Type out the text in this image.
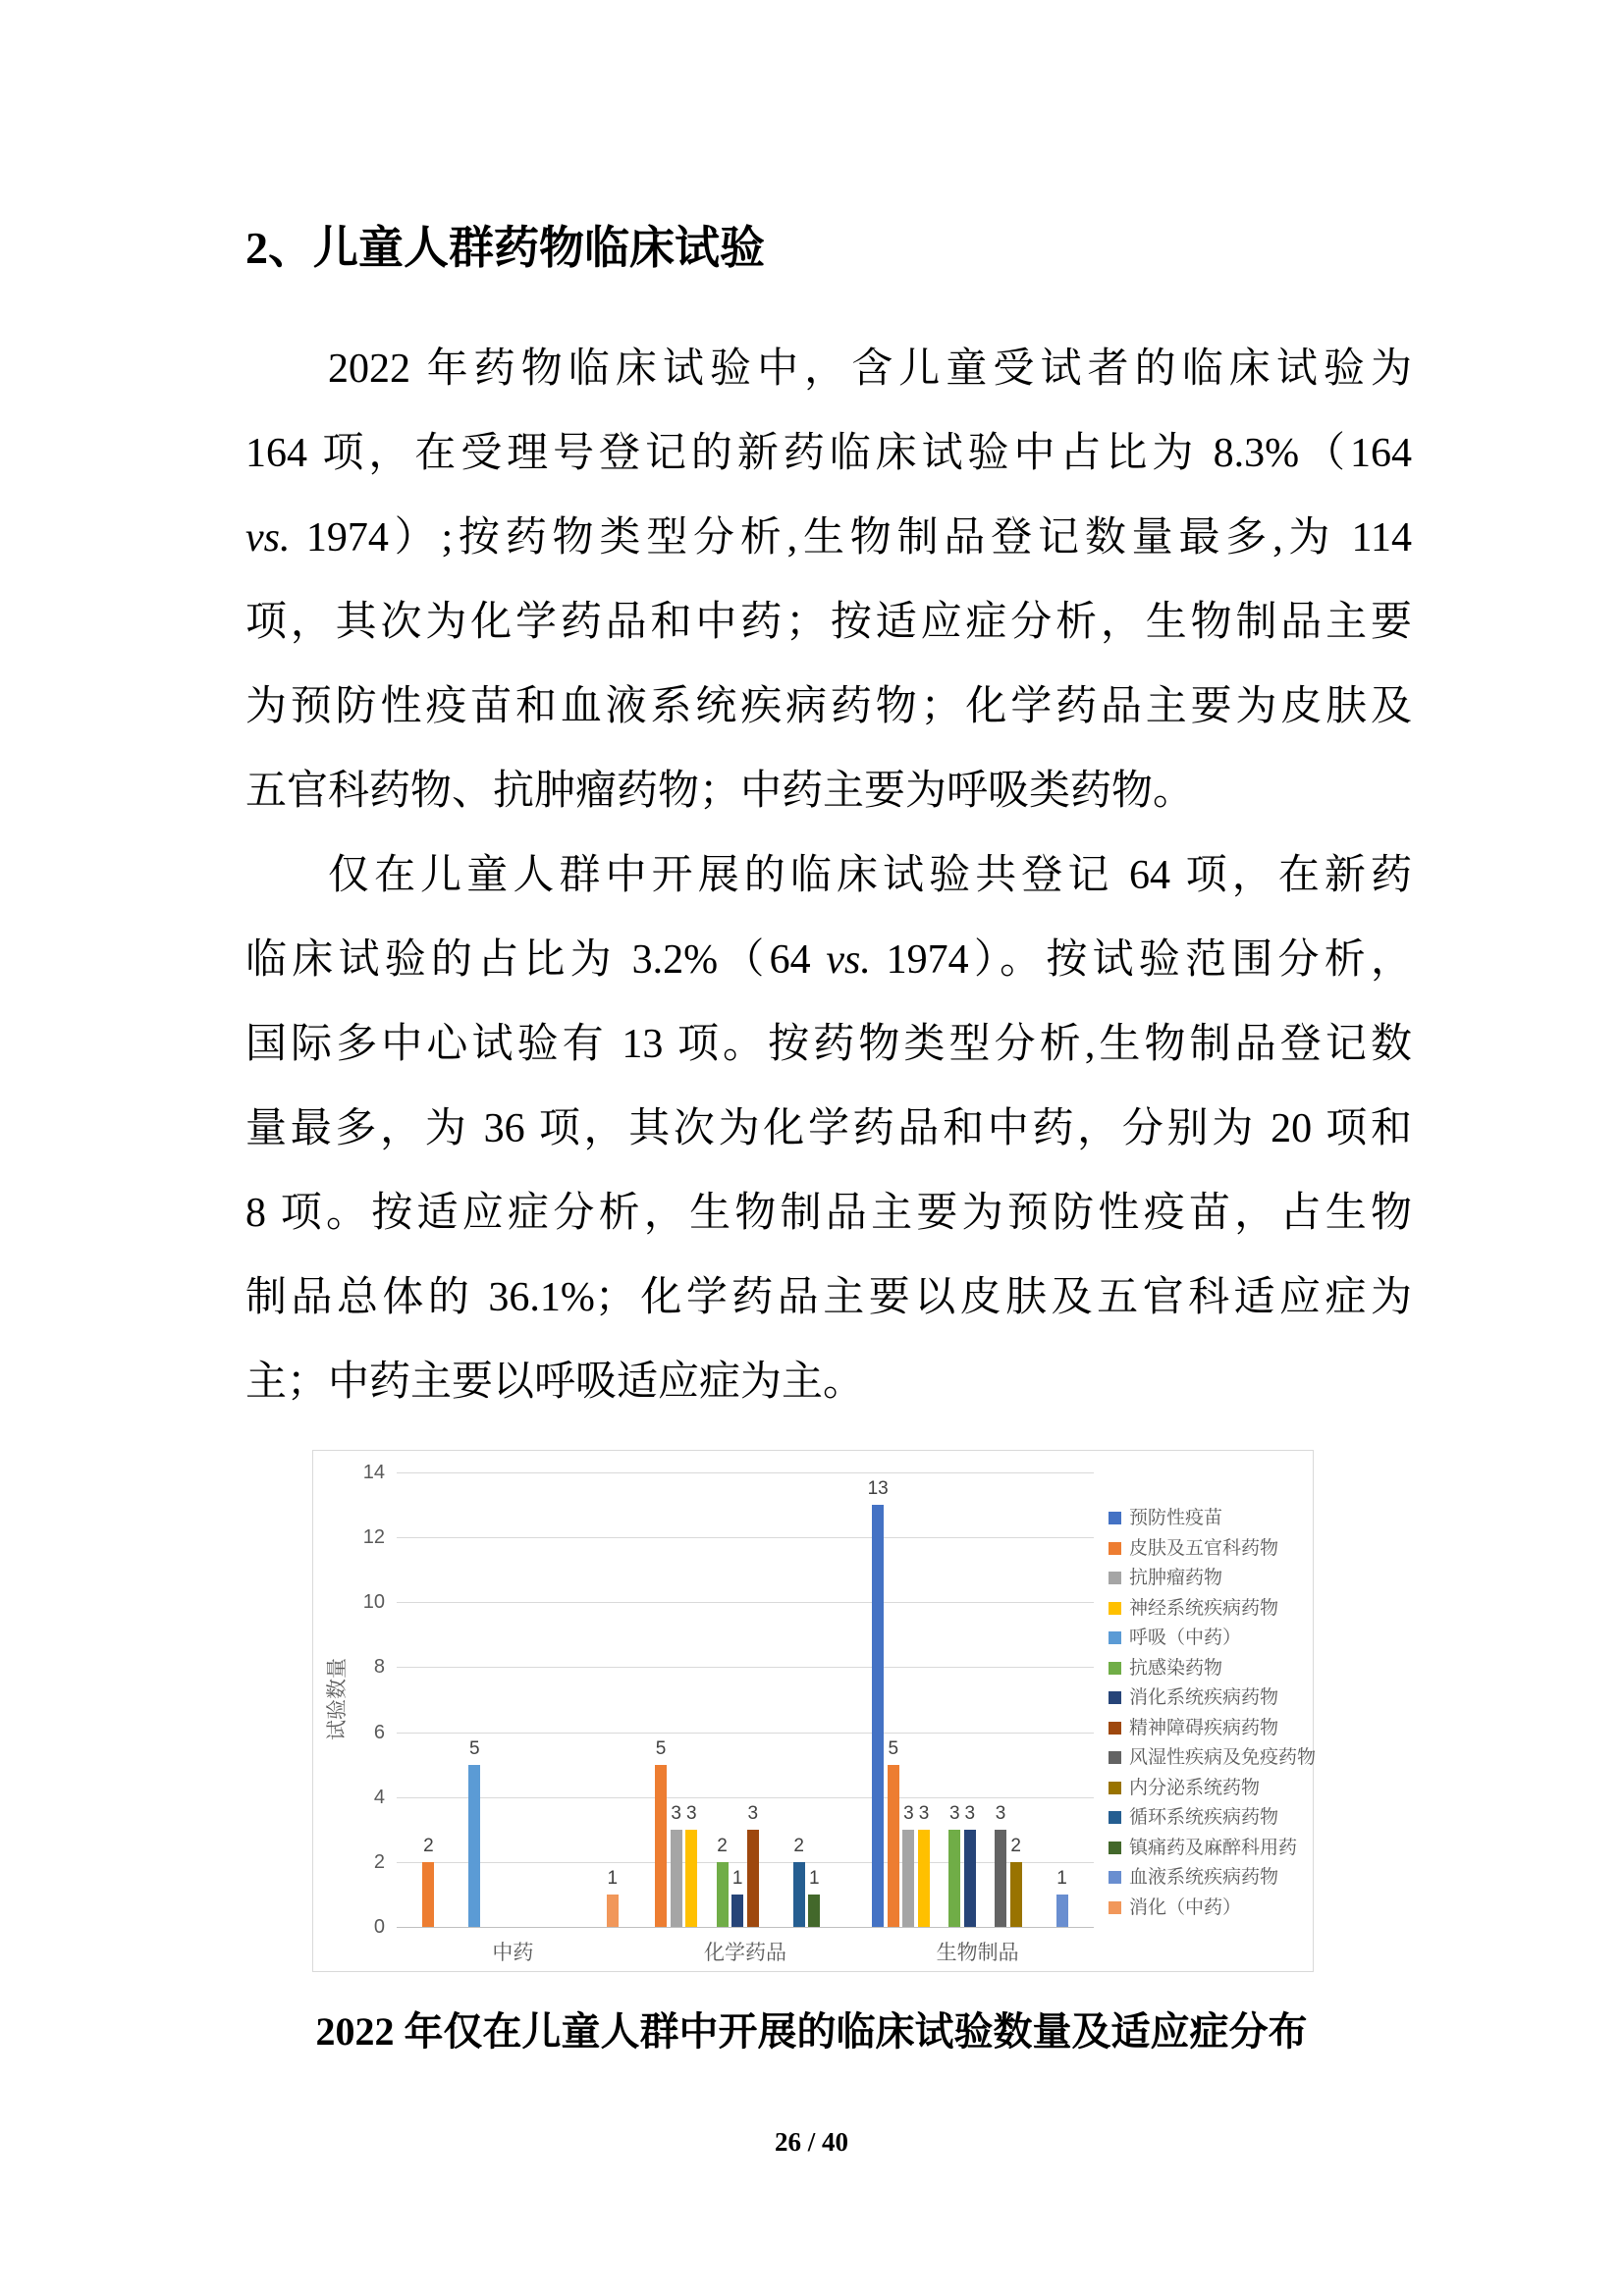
2、儿童人群药物临床试验
2022 年药物临床试验中，含儿童受试者的临床试验为
164 项，在受理号登记的新药临床试验中占比为 8.3%（164
vs. 1974）;按药物类型分析,生物制品登记数量最多,为 114
项，其次为化学药品和中药；按适应症分析，生物制品主要
为预防性疫苗和血液系统疾病药物；化学药品主要为皮肤及
五官科药物、抗肿瘤药物；中药主要为呼吸类药物。
仅在儿童人群中开展的临床试验共登记 64 项，在新药
临床试验的占比为 3.2%（64 vs. 1974）。按试验范围分析，
国际多中心试验有 13 项。按药物类型分析,生物制品登记数
量最多，为 36 项，其次为化学药品和中药，分别为 20 项和
8 项。按适应症分析，生物制品主要为预防性疫苗，占生物
制品总体的 36.1%；化学药品主要以皮肤及五官科适应症为
主；中药主要以呼吸适应症为主。
试验数量
0
2
4
6
8
10
12
14
2
5
1
中药
5
3 3
2
1
3
2
1
化学药品
13
5
3 3	3 3	3
2
1
生物制品
预防性疫苗
皮肤及五官科药物
抗肿瘤药物
神经系统疾病药物
呼吸（中药）
抗感染药物
消化系统疾病药物
精神障碍疾病药物
风湿性疾病及免疫药物
内分泌系统药物
循环系统疾病药物
镇痛药及麻醉科用药
血液系统疾病药物
消化（中药）
2022 年仅在儿童人群中开展的临床试验数量及适应症分布
26 / 40
